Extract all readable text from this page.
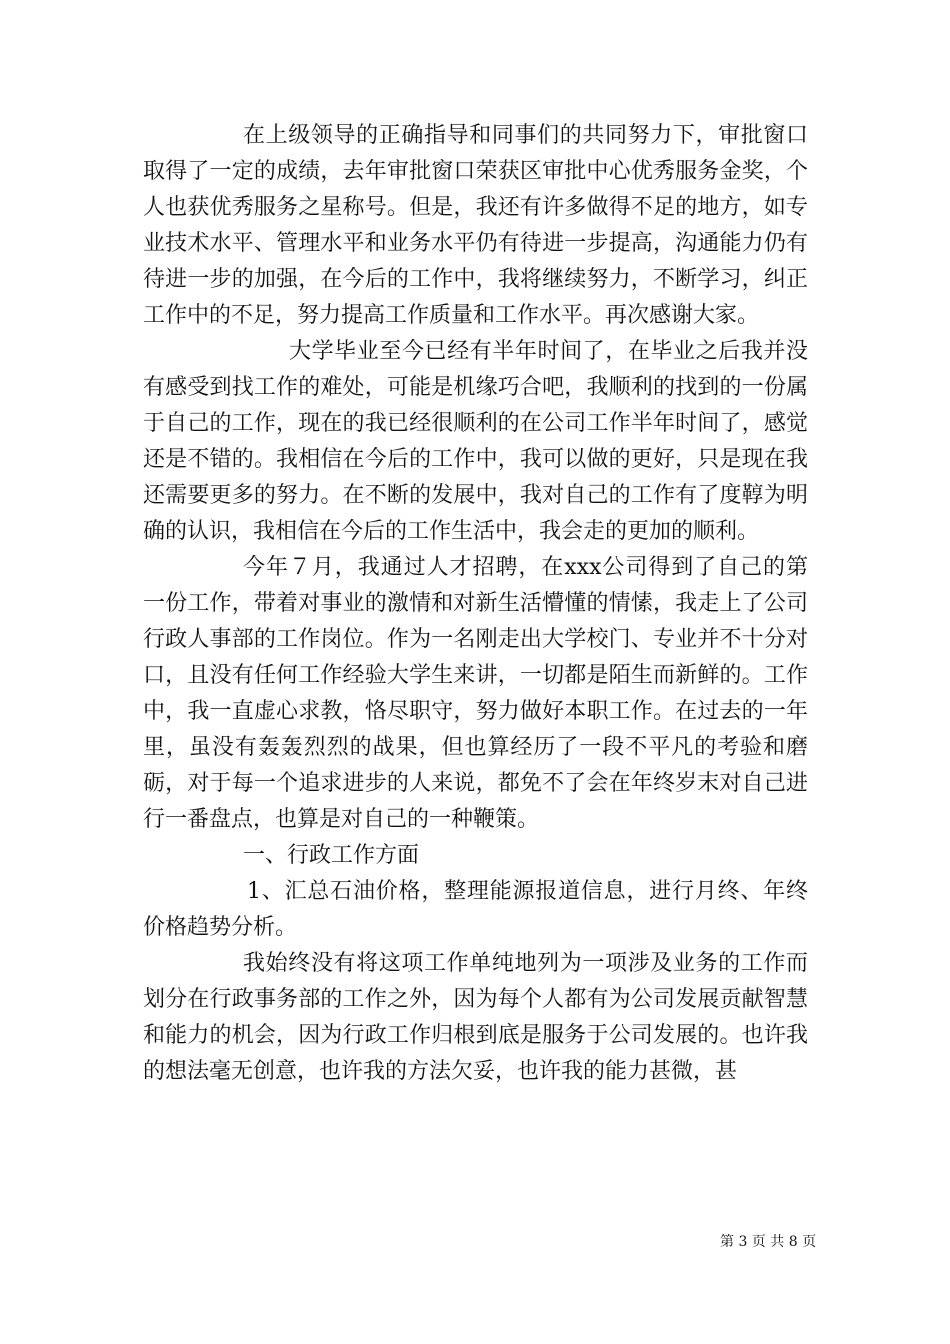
在上级领导的正确指导和同事们的共同努力下，审批窗口取得了一定的成绩，去年审批窗口荣获区审批中心优秀服务金奖，个人也获优秀服务之星称号。但是，我还有许多做得不足的地方，如专业技术水平、管理水平和业务水平仍有待进一步提高，沟通能力仍有待进一步的加强，在今后的工作中，我将继续努力，不断学习，纠正工作中的不足，努力提高工作质量和工作水平。再次感谢大家。

大学毕业至今已经有半年时间了，在毕业之后我并没有感受到找工作的难处，可能是机缘巧合吧，我顺利的找到的一份属于自己的工作，现在的我已经很顺利的在公司工作半年时间了，感觉还是不错的。我相信在今后的工作中，我可以做的更好，只是现在我还需要更多的努力。在不断的发展中，我对自己的工作有了度鞟为明确的认识，我相信在今后的工作生活中，我会走的更加的顺利。

今年７月，我通过人才招聘，在xxx公司得到了自己的第一份工作，带着对事业的激情和对新生活懵懂的情愫，我走上了公司行政人事部的工作岗位。作为一名刚走出大学校门、专业并不十分对口，且没有任何工作经验大学生来讲，一切都是陌生而新鲜的。工作中，我一直虚心求教，恪尽职守，努力做好本职工作。在过去的一年里，虽没有轰轰烈烈的战果，但也算经历了一段不平凡的考验和磨砺，对于每一个追求进步的人来说，都免不了会在年终岁末对自己进行一番盘点，也算是对自己的一种鞭策。

一、行政工作方面

1、汇总石油价格，整理能源报道信息，进行月终、年终价格趋势分析。

我始终没有将这项工作单纯地列为一项涉及业务的工作而划分在行政事务部的工作之外，因为每个人都有为公司发展贡献智慧和能力的机会，因为行政工作归根到底是服务于公司发展的。也许我的想法毫无创意，也许我的方法欠妥，也许我的能力甚微，甚

第 3 页 共 8 页
